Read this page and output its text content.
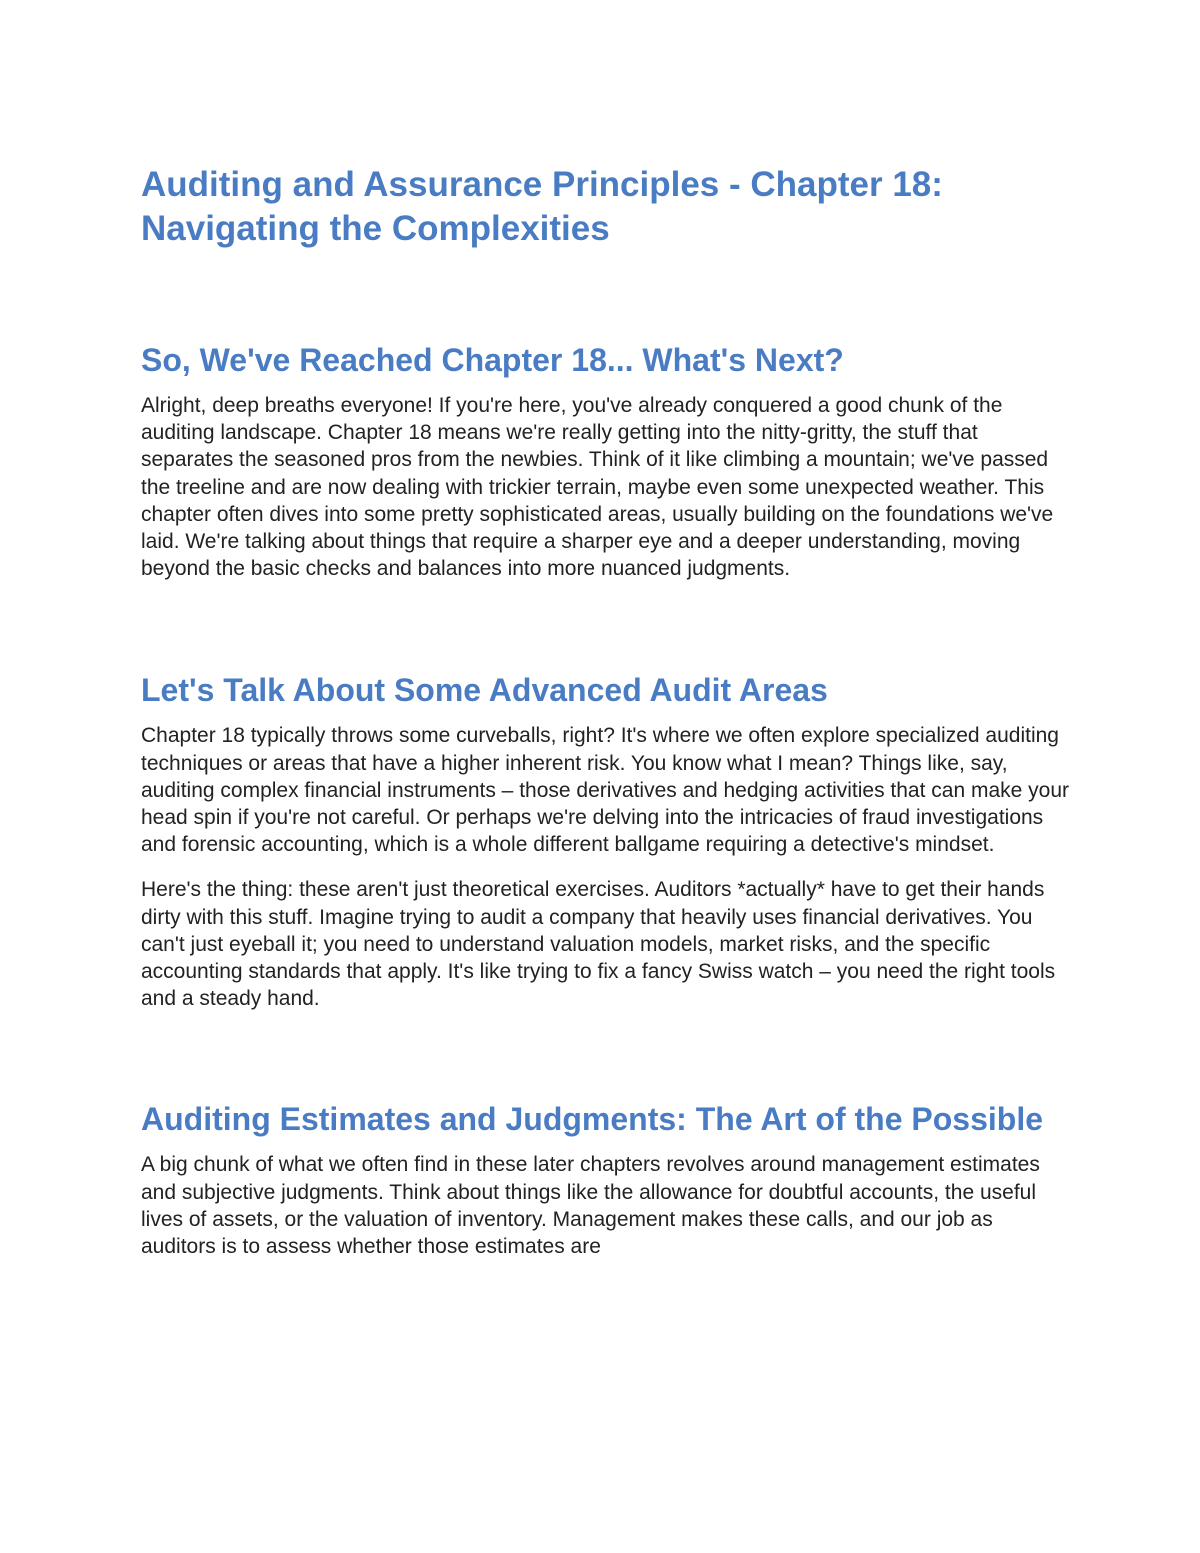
Auditing and Assurance Principles - Chapter 18: Navigating the Complexities
So, We've Reached Chapter 18... What's Next?

Alright, deep breaths everyone! If you're here, you've already conquered a good chunk of the auditing landscape. Chapter 18 means we're really getting into the nitty-gritty, the stuff that separates the seasoned pros from the newbies. Think of it like climbing a mountain; we've passed the treeline and are now dealing with trickier terrain, maybe even some unexpected weather. This chapter often dives into some pretty sophisticated areas, usually building on the foundations we've laid. We're talking about things that require a sharper eye and a deeper understanding, moving beyond the basic checks and balances into more nuanced judgments.

Let's Talk About Some Advanced Audit Areas

Chapter 18 typically throws some curveballs, right? It's where we often explore specialized auditing techniques or areas that have a higher inherent risk. You know what I mean? Things like, say, auditing complex financial instruments – those derivatives and hedging activities that can make your head spin if you're not careful. Or perhaps we're delving into the intricacies of fraud investigations and forensic accounting, which is a whole different ballgame requiring a detective's mindset.

Here's the thing: these aren't just theoretical exercises. Auditors *actually* have to get their hands dirty with this stuff. Imagine trying to audit a company that heavily uses financial derivatives. You can't just eyeball it; you need to understand valuation models, market risks, and the specific accounting standards that apply. It's like trying to fix a fancy Swiss watch – you need the right tools and a steady hand.

Auditing Estimates and Judgments: The Art of the Possible

A big chunk of what we often find in these later chapters revolves around management estimates and subjective judgments. Think about things like the allowance for doubtful accounts, the useful lives of assets, or the valuation of inventory. Management makes these calls, and our job as auditors is to assess whether those estimates are
